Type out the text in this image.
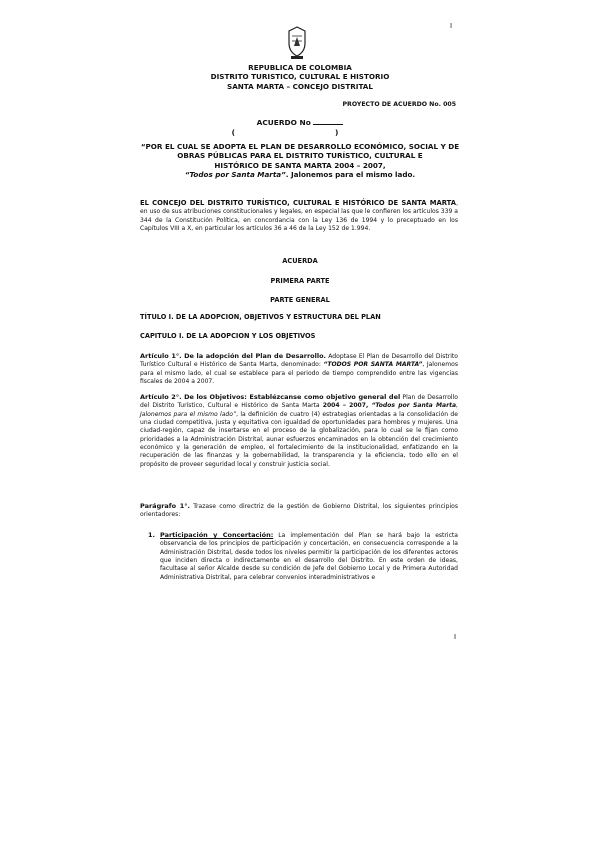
I
REPUBLICA DE COLOMBIA
DISTRITO TURISTICO, CULTURAL E HISTORIO
SANTA MARTA – CONCEJO DISTRITAL
PROYECTO DE ACUERDO No. 005
ACUERDO No
(	)
“POR EL CUAL SE ADOPTA EL PLAN DE DESARROLLO ECONÓMICO, SOCIAL Y DE
OBRAS PÚBLICAS PARA EL DISTRITO TURÍSTICO, CULTURAL E
HISTÓRICO DE SANTA MARTA 2004 – 2007,
“Todos por Santa Marta”. Jalonemos para el mismo lado.
EL CONCEJO DEL DISTRITO TURÍSTICO, CULTURAL E HISTÓRICO DE SANTA MARTA, en uso de sus atribuciones constitucionales y legales, en especial las que le confieren los artículos 339 a 344 de la Constitución Política, en concordancia con la Ley 136 de 1994 y lo preceptuado en los Capítulos VIII a X, en particular los artículos 36 a 46 de la Ley 152 de 1.994.
ACUERDA
PRIMERA PARTE
PARTE GENERAL
TÍTULO I. DE LA ADOPCION, OBJETIVOS Y ESTRUCTURA DEL PLAN
CAPITULO I. DE LA ADOPCION Y LOS OBJETIVOS
Artículo 1°. De la adopción del Plan de Desarrollo. Adoptase El Plan de Desarrollo del Distrito Turístico Cultural e Histórico de Santa Marta, denominado: “TODOS POR SANTA MARTA”, Jalonemos para el mismo lado, el cual se establece para el periodo de tiempo comprendido entre las vigencias fiscales de 2004 a 2007.
Artículo 2°. De los Objetivos: Establézcanse como objetivo general del Plan de Desarrollo del Distrito Turístico, Cultural e Histórico de Santa Marta 2004 – 2007, “Todos por Santa Marta, Jalonemos para el mismo lado”, la definición de cuatro (4) estrategias orientadas a la consolidación de una ciudad competitiva, justa y equitativa con igualdad de oportunidades para hombres y mujeres. Una ciudad-región, capaz de insertarse en el proceso de la globalización, para lo cual se le fijan como prioridades a la Administración Distrital, aunar esfuerzos encaminados en la obtención del crecimiento económico y la generación de empleo, el fortalecimiento de la institucionalidad, enfatizando en la recuperación de las finanzas y la gobernabilidad, la transparencia y la eficiencia, todo ello en el propósito de proveer seguridad local y construir justicia social.
Parágrafo 1°. Trazase como directriz de la gestión de Gobierno Distrital, los siguientes principios orientadores:
1. Participación y Concertación: La implementación del Plan se hará bajo la estricta observancia de los principios de participación y concertación, en consecuencia corresponde a la Administración Distrital, desde todos los niveles permitir la participación de los diferentes actores que inciden directa o indirectamente en el desarrollo del Distrito. En este orden de ideas, facultase al señor Alcalde desde su condición de Jefe del Gobierno Local y de Primera Autoridad Administrativa Distrital, para celebrar convenios interadministrativos e
I
